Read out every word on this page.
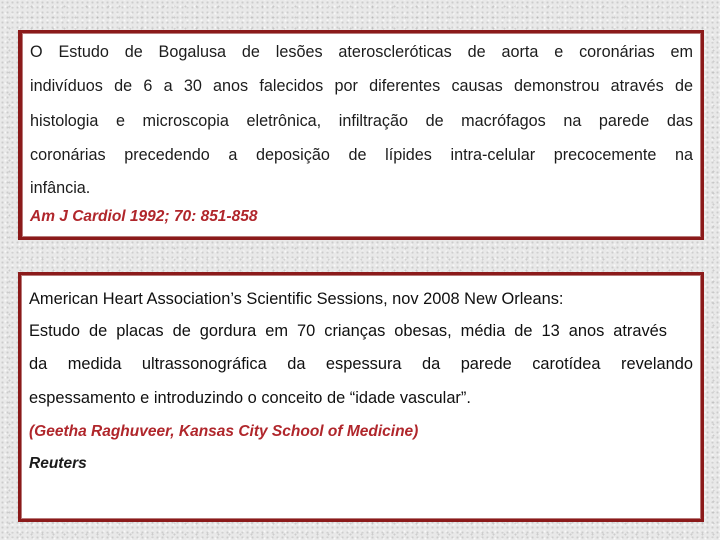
O Estudo de Bogalusa de lesões ateroscleróticas de aorta e coronárias em
indivíduos de 6 a 30 anos falecidos por diferentes causas demonstrou através de
histologia e microscopia eletrônica, infiltração de macrófagos na parede das
coronárias precedendo a deposição de lípides intra-celular precocemente na
infância.
Am J Cardiol 1992; 70: 851-858
American Heart Association’s Scientific Sessions, nov 2008 New Orleans:
Estudo de placas de gordura em 70 crianças obesas, média de 13 anos através
da medida ultrassonográfica da espessura da parede carotídea revelando
espessamento e introduzindo o conceito de “idade vascular”.
(Geetha Raghuveer, Kansas City School of Medicine)
Reuters
